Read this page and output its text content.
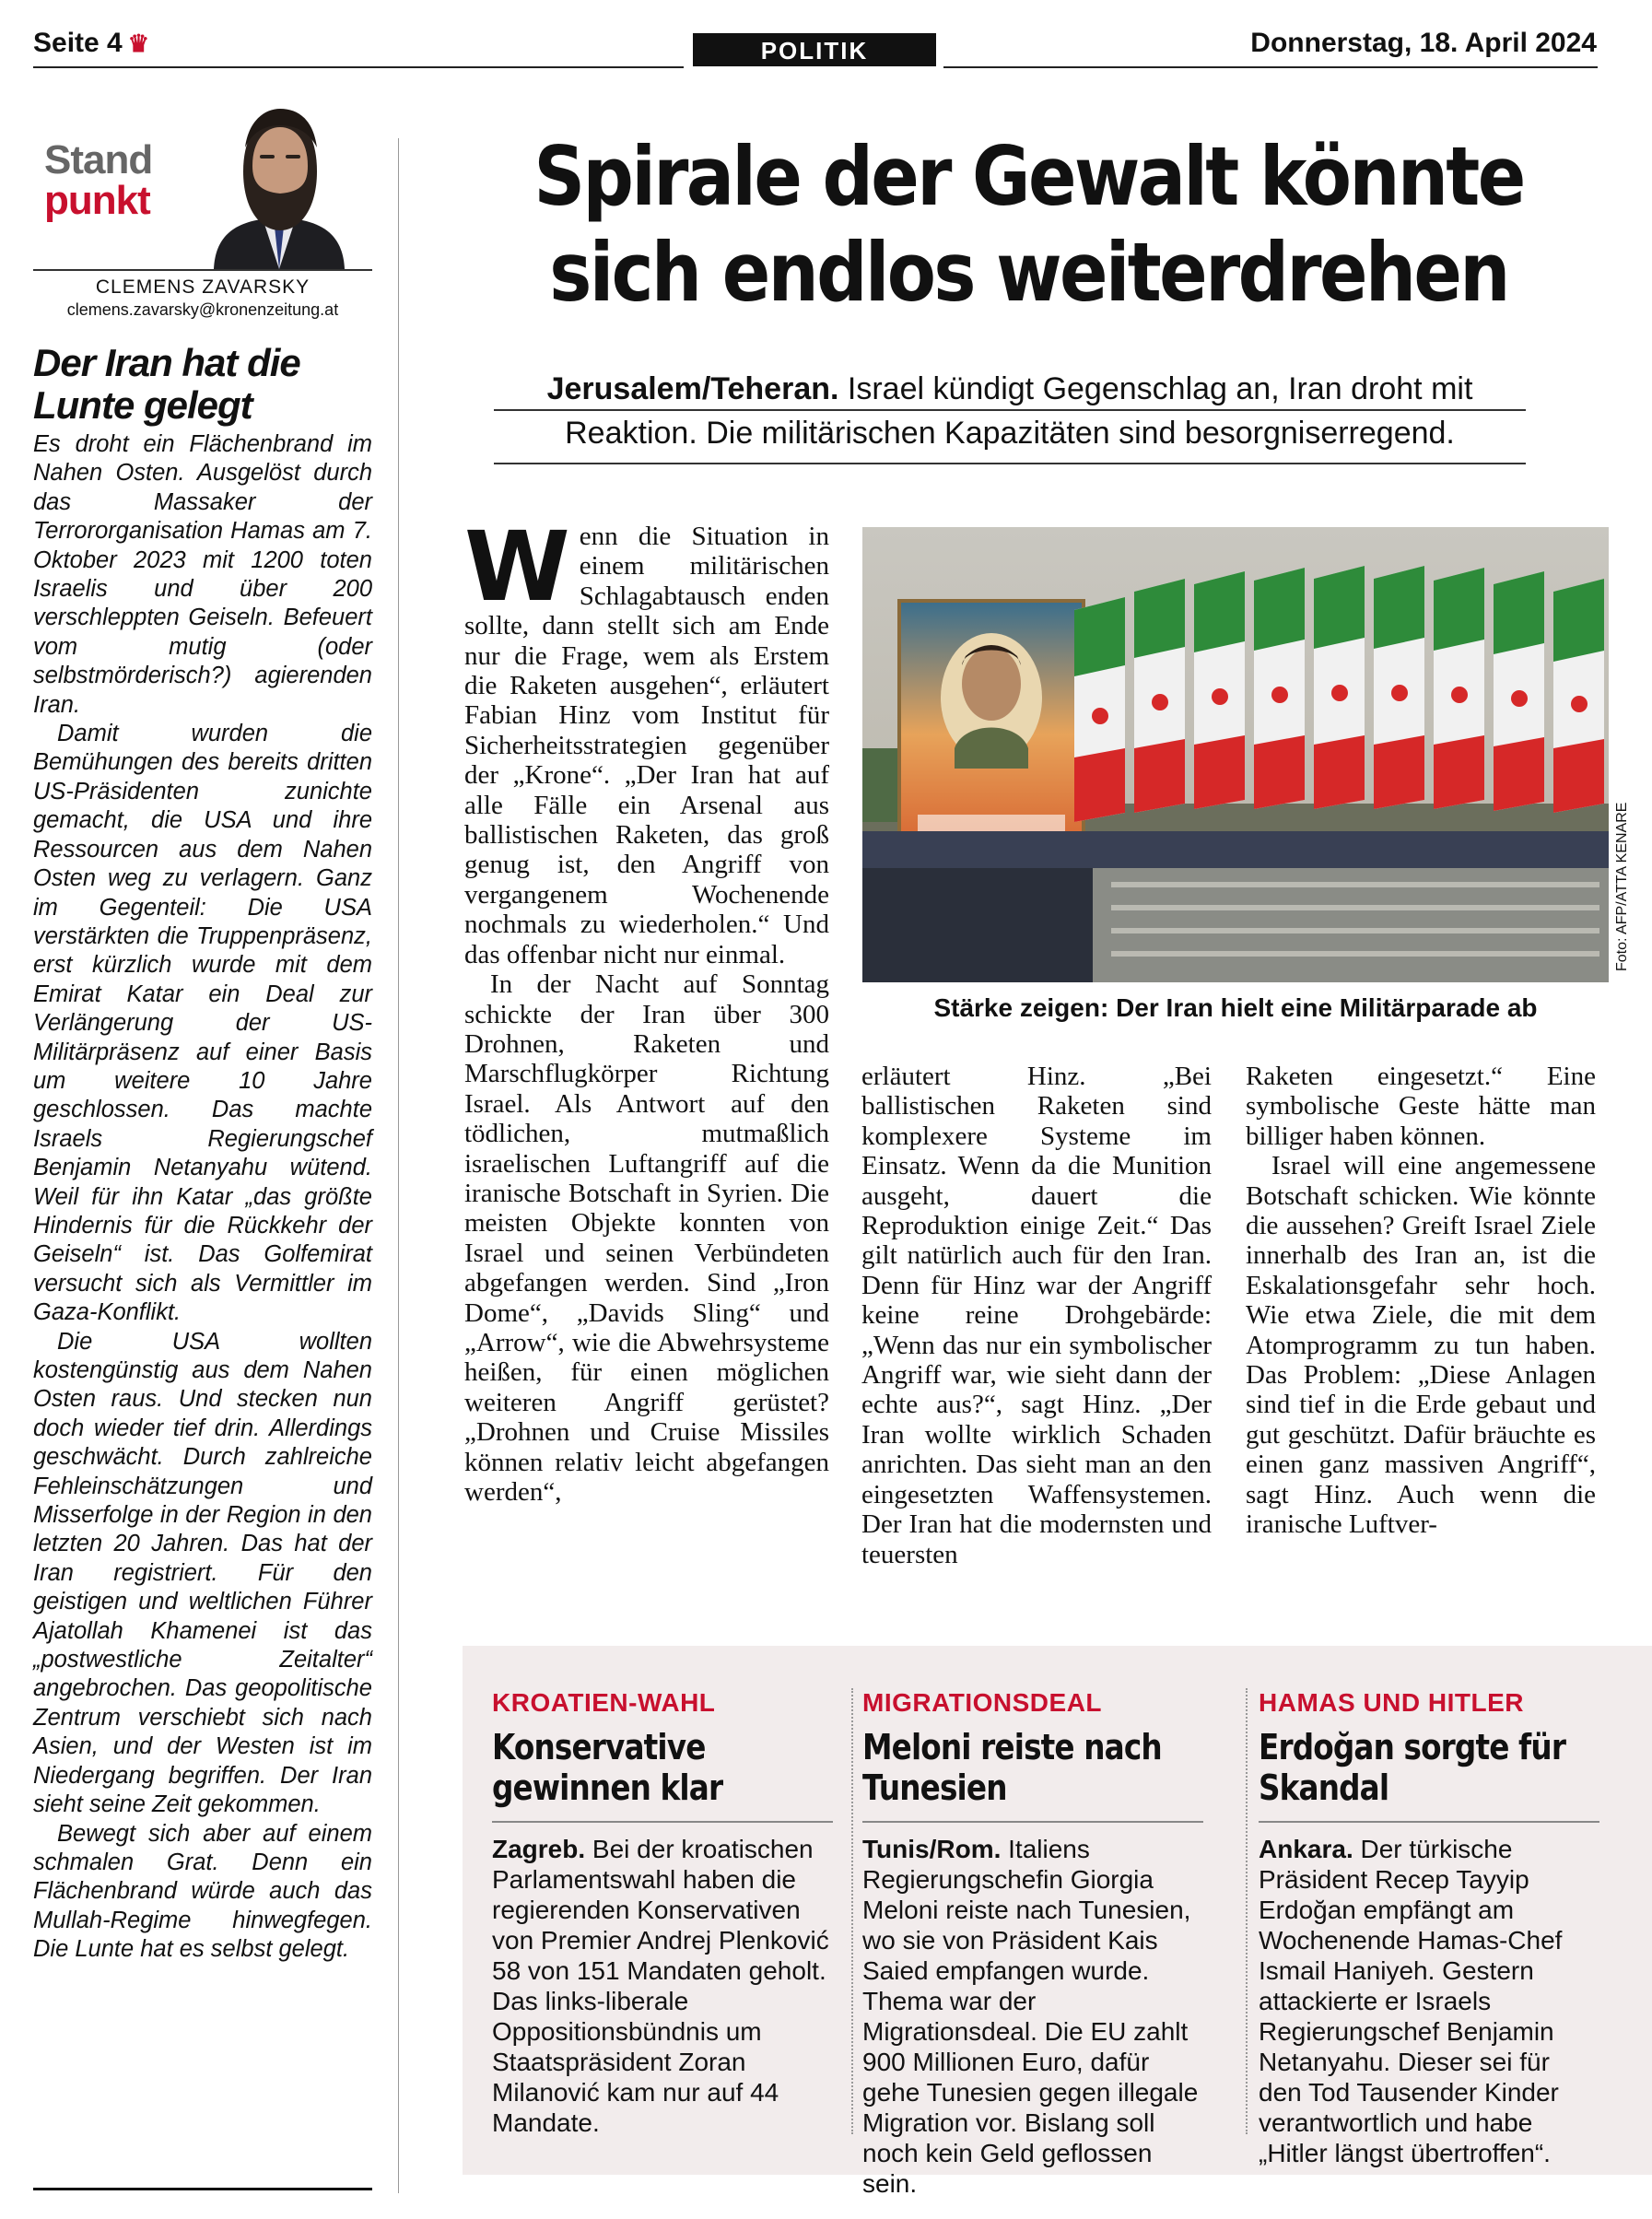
Seite 4 ♛	POLITIK	Donnerstag, 18. April 2024
Stand
punkt
CLEMENS ZAVARSKY
clemens.zavarsky@kronenzeitung.at
Der Iran hat die Lunte gelegt

Es droht ein Flächenbrand im Nahen Osten. Ausgelöst durch das Massaker der Terrororganisation Hamas am 7. Oktober 2023 mit 1200 toten Israelis und über 200 verschleppten Geiseln. Befeuert vom mutig (oder selbstmörderisch?) agierenden Iran.

Damit wurden die Bemühungen des bereits dritten US-Präsidenten zunichte gemacht, die USA und ihre Ressourcen aus dem Nahen Osten weg zu verlagern. Ganz im Gegenteil: Die USA verstärkten die Truppenpräsenz, erst kürzlich wurde mit dem Emirat Katar ein Deal zur Verlängerung der US-Militärpräsenz auf einer Basis um weitere 10 Jahre geschlossen. Das machte Israels Regierungschef Benjamin Netanyahu wütend. Weil für ihn Katar „das größte Hindernis für die Rückkehr der Geiseln“ ist. Das Golfemirat versucht sich als Vermittler im Gaza-Konflikt.

Die USA wollten kostengünstig aus dem Nahen Osten raus. Und stecken nun doch wieder tief drin. Allerdings geschwächt. Durch zahlreiche Fehleinschätzungen und Misserfolge in der Region in den letzten 20 Jahren. Das hat der Iran registriert. Für den geistigen und weltlichen Führer Ajatollah Khamenei ist das „postwestliche Zeitalter“ angebrochen. Das geopolitische Zentrum verschiebt sich nach Asien, und der Westen ist im Niedergang begriffen. Der Iran sieht seine Zeit gekommen.

Bewegt sich aber auf einem schmalen Grat. Denn ein Flächenbrand würde auch das Mullah-Regime hinwegfegen. Die Lunte hat es selbst gelegt.

Spirale der Gewalt könnte
sich endlos weiterdrehen
Jerusalem/Teheran. Israel kündigt Gegenschlag an, Iran droht mit Reaktion. Die militärischen Kapazitäten sind besorgniserregend.

Wenn die Situation in einem militärischen Schlagabtausch enden sollte, dann stellt sich am Ende nur die Frage, wem als Erstem die Raketen ausgehen“, erläutert Fabian Hinz vom Institut für Sicherheitsstrategien gegenüber der „Krone“. „Der Iran hat auf alle Fälle ein Arsenal aus ballistischen Raketen, das groß genug ist, den Angriff von vergangenem Wochenende nochmals zu wiederholen.“ Und das offenbar nicht nur einmal.

In der Nacht auf Sonntag schickte der Iran über 300 Drohnen, Raketen und Marschflugkörper Richtung Israel. Als Antwort auf den tödlichen, mutmaßlich israelischen Luftangriff auf die iranische Botschaft in Syrien. Die meisten Objekte konnten von Israel und seinen Verbündeten abgefangen werden. Sind „Iron Dome“, „Davids Sling“ und „Arrow“, wie die Abwehrsysteme heißen, für einen möglichen weiteren Angriff gerüstet? „Drohnen und Cruise Missiles können relativ leicht abgefangen werden“,

Foto: AFP/ATTA KENARE
Stärke zeigen: Der Iran hielt eine Militärparade ab

erläutert Hinz. „Bei ballistischen Raketen sind komplexere Systeme im Einsatz. Wenn da die Munition ausgeht, dauert die Reproduktion einige Zeit.“ Das gilt natürlich auch für den Iran. Denn für Hinz war der Angriff keine reine Drohgebärde: „Wenn das nur ein symbolischer Angriff war, wie sieht dann der echte aus?“, sagt Hinz. „Der Iran wollte wirklich Schaden anrichten. Das sieht man an den eingesetzten Waffensystemen. Der Iran hat die modernsten und teuersten

Raketen eingesetzt.“ Eine symbolische Geste hätte man billiger haben können.

Israel will eine angemessene Botschaft schicken. Wie könnte die aussehen? Greift Israel Ziele innerhalb des Iran an, ist die Eskalationsgefahr sehr hoch. Wie etwa Ziele, die mit dem Atomprogramm zu tun haben. Das Problem: „Diese Anlagen sind tief in die Erde gebaut und gut geschützt. Dafür bräuchte es einen ganz massiven Angriff“, sagt Hinz. Auch wenn die iranische Luftver-

KROATIEN-WAHL
Konservative gewinnen klar
Zagreb. Bei der kroatischen Parlamentswahl haben die regierenden Konservativen von Premier Andrej Plenković 58 von 151 Mandaten geholt. Das links-liberale Oppositionsbündnis um Staatspräsident Zoran Milanović kam nur auf 44 Mandate.
MIGRATIONSDEAL
Meloni reiste nach Tunesien
Tunis/Rom. Italiens Regierungschefin Giorgia Meloni reiste nach Tunesien, wo sie von Präsident Kais Saied empfangen wurde. Thema war der Migrationsdeal. Die EU zahlt 900 Millionen Euro, dafür gehe Tunesien gegen illegale Migration vor. Bislang soll noch kein Geld geflossen sein.
HAMAS UND HITLER
Erdoğan sorgte für Skandal
Ankara. Der türkische Präsident Recep Tayyip Erdoğan empfängt am Wochenende Hamas-Chef Ismail Haniyeh. Gestern attackierte er Israels Regierungschef Benjamin Netanyahu. Dieser sei für den Tod Tausender Kinder verantwortlich und habe „Hitler längst übertroffen“.
